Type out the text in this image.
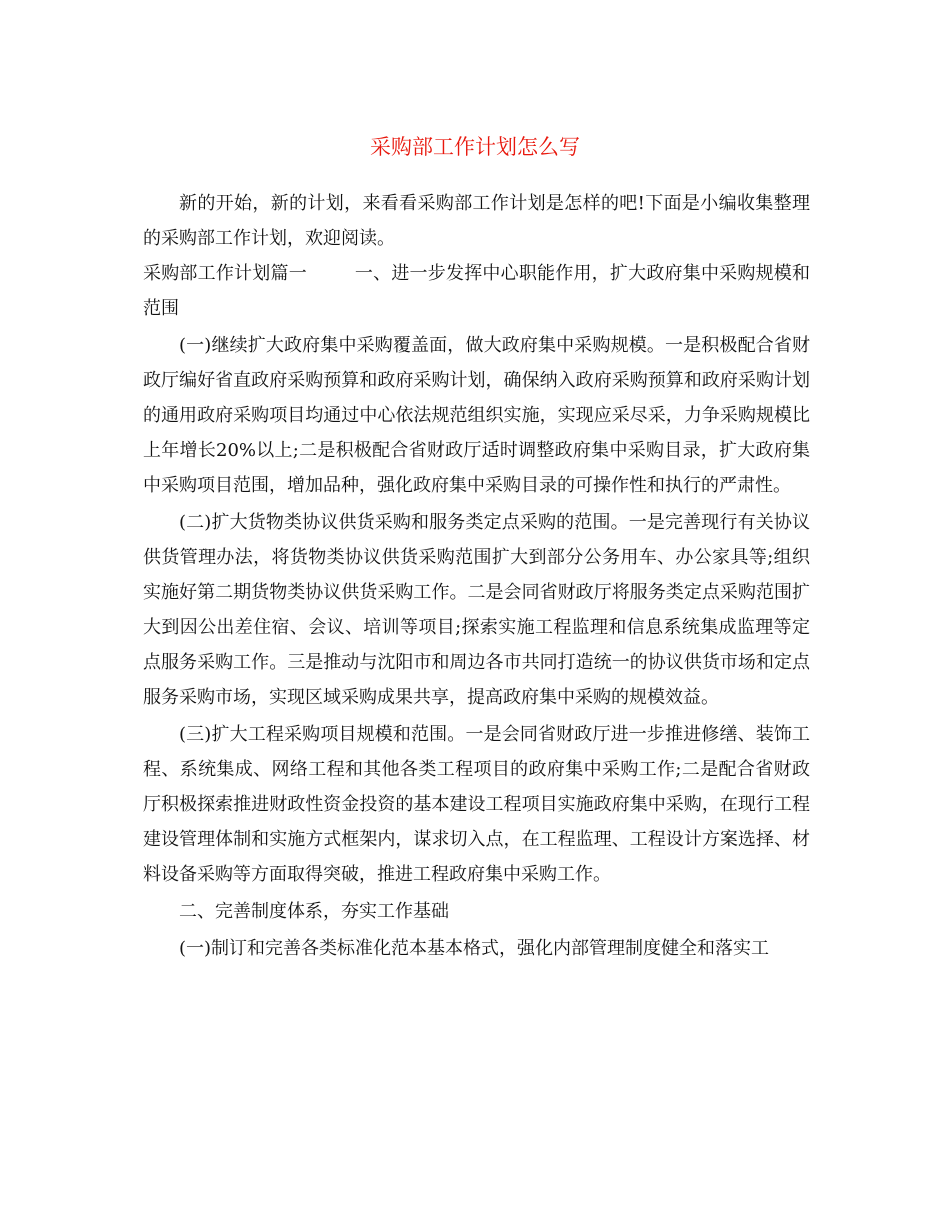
采购部工作计划怎么写

新的开始，新的计划，来看看采购部工作计划是怎样的吧!下面是小编收集整理的采购部工作计划，欢迎阅读。

采购部工作计划篇一	一、进一步发挥中心职能作用，扩大政府集中采购规模和范围

(一)继续扩大政府集中采购覆盖面，做大政府集中采购规模。一是积极配合省财政厅编好省直政府采购预算和政府采购计划，确保纳入政府采购预算和政府采购计划的通用政府采购项目均通过中心依法规范组织实施，实现应采尽采，力争采购规模比上年增长20%以上;二是积极配合省财政厅适时调整政府集中采购目录，扩大政府集中采购项目范围，增加品种，强化政府集中采购目录的可操作性和执行的严肃性。

(二)扩大货物类协议供货采购和服务类定点采购的范围。一是完善现行有关协议供货管理办法，将货物类协议供货采购范围扩大到部分公务用车、办公家具等;组织实施好第二期货物类协议供货采购工作。二是会同省财政厅将服务类定点采购范围扩大到因公出差住宿、会议、培训等项目;探索实施工程监理和信息系统集成监理等定点服务采购工作。三是推动与沈阳市和周边各市共同打造统一的协议供货市场和定点服务采购市场，实现区域采购成果共享，提高政府集中采购的规模效益。

(三)扩大工程采购项目规模和范围。一是会同省财政厅进一步推进修缮、装饰工程、系统集成、网络工程和其他各类工程项目的政府集中采购工作;二是配合省财政厅积极探索推进财政性资金投资的基本建设工程项目实施政府集中采购，在现行工程建设管理体制和实施方式框架内，谋求切入点，在工程监理、工程设计方案选择、材料设备采购等方面取得突破，推进工程政府集中采购工作。

二、完善制度体系，夯实工作基础

(一)制订和完善各类标准化范本基本格式，强化内部管理制度健全和落实工
